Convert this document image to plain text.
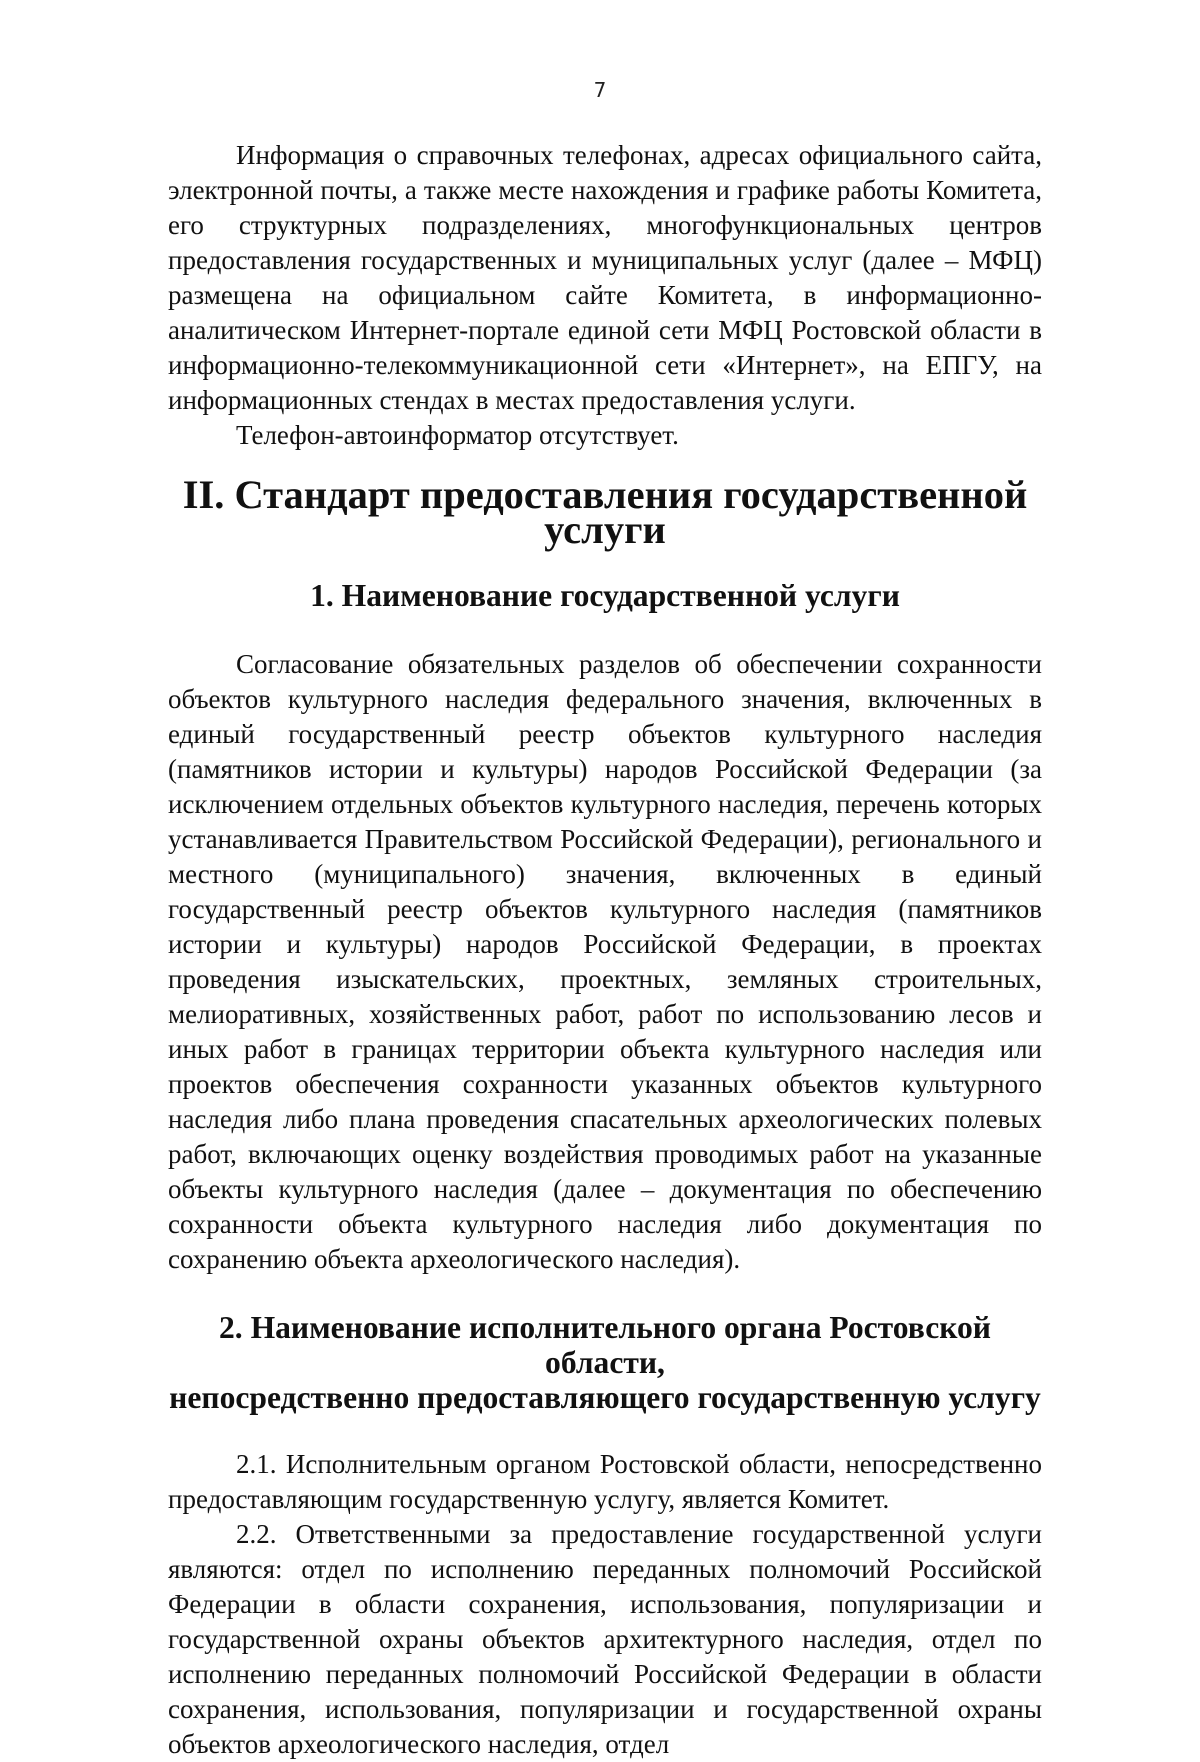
7

Информация о справочных телефонах, адресах официального сайта, электронной почты, а также месте нахождения и графике работы Комитета, его структурных подразделениях, многофункциональных центров предоставления государственных и муниципальных услуг (далее – МФЦ) размещена на официальном сайте Комитета, в информационно-аналитическом Интернет-портале единой сети МФЦ Ростовской области в информационно-телекоммуникационной сети «Интернет», на ЕПГУ, на информационных стендах в местах предоставления услуги.

Телефон-автоинформатор отсутствует.

II. Стандарт предоставления государственной услуги
1. Наименование государственной услуги

Согласование обязательных разделов об обеспечении сохранности объектов культурного наследия федерального значения, включенных в единый государственный реестр объектов культурного наследия (памятников истории и культуры) народов Российской Федерации (за исключением отдельных объектов культурного наследия, перечень которых устанавливается Правительством Российской Федерации), регионального и местного (муниципального) значения, включенных в единый государственный реестр объектов культурного наследия (памятников истории и культуры) народов Российской Федерации, в проектах проведения изыскательских, проектных, земляных строительных, мелиоративных, хозяйственных работ, работ по использованию лесов и иных работ в границах территории объекта культурного наследия или проектов обеспечения сохранности указанных объектов культурного наследия либо плана проведения спасательных археологических полевых работ, включающих оценку воздействия проводимых работ на указанные объекты культурного наследия (далее – документация по обеспечению сохранности объекта культурного наследия либо документация по сохранению объекта археологического наследия).

2. Наименование исполнительного органа Ростовской области,
непосредственно предоставляющего государственную услугу

2.1. Исполнительным органом Ростовской области, непосредственно предоставляющим государственную услугу, является Комитет.

2.2. Ответственными за предоставление государственной услуги являются: отдел по исполнению переданных полномочий Российской Федерации в области сохранения, использования, популяризации и государственной охраны объектов архитектурного наследия, отдел по исполнению переданных полномочий Российской Федерации в области сохранения, использования, популяризации и государственной охраны объектов археологического наследия, отдел
